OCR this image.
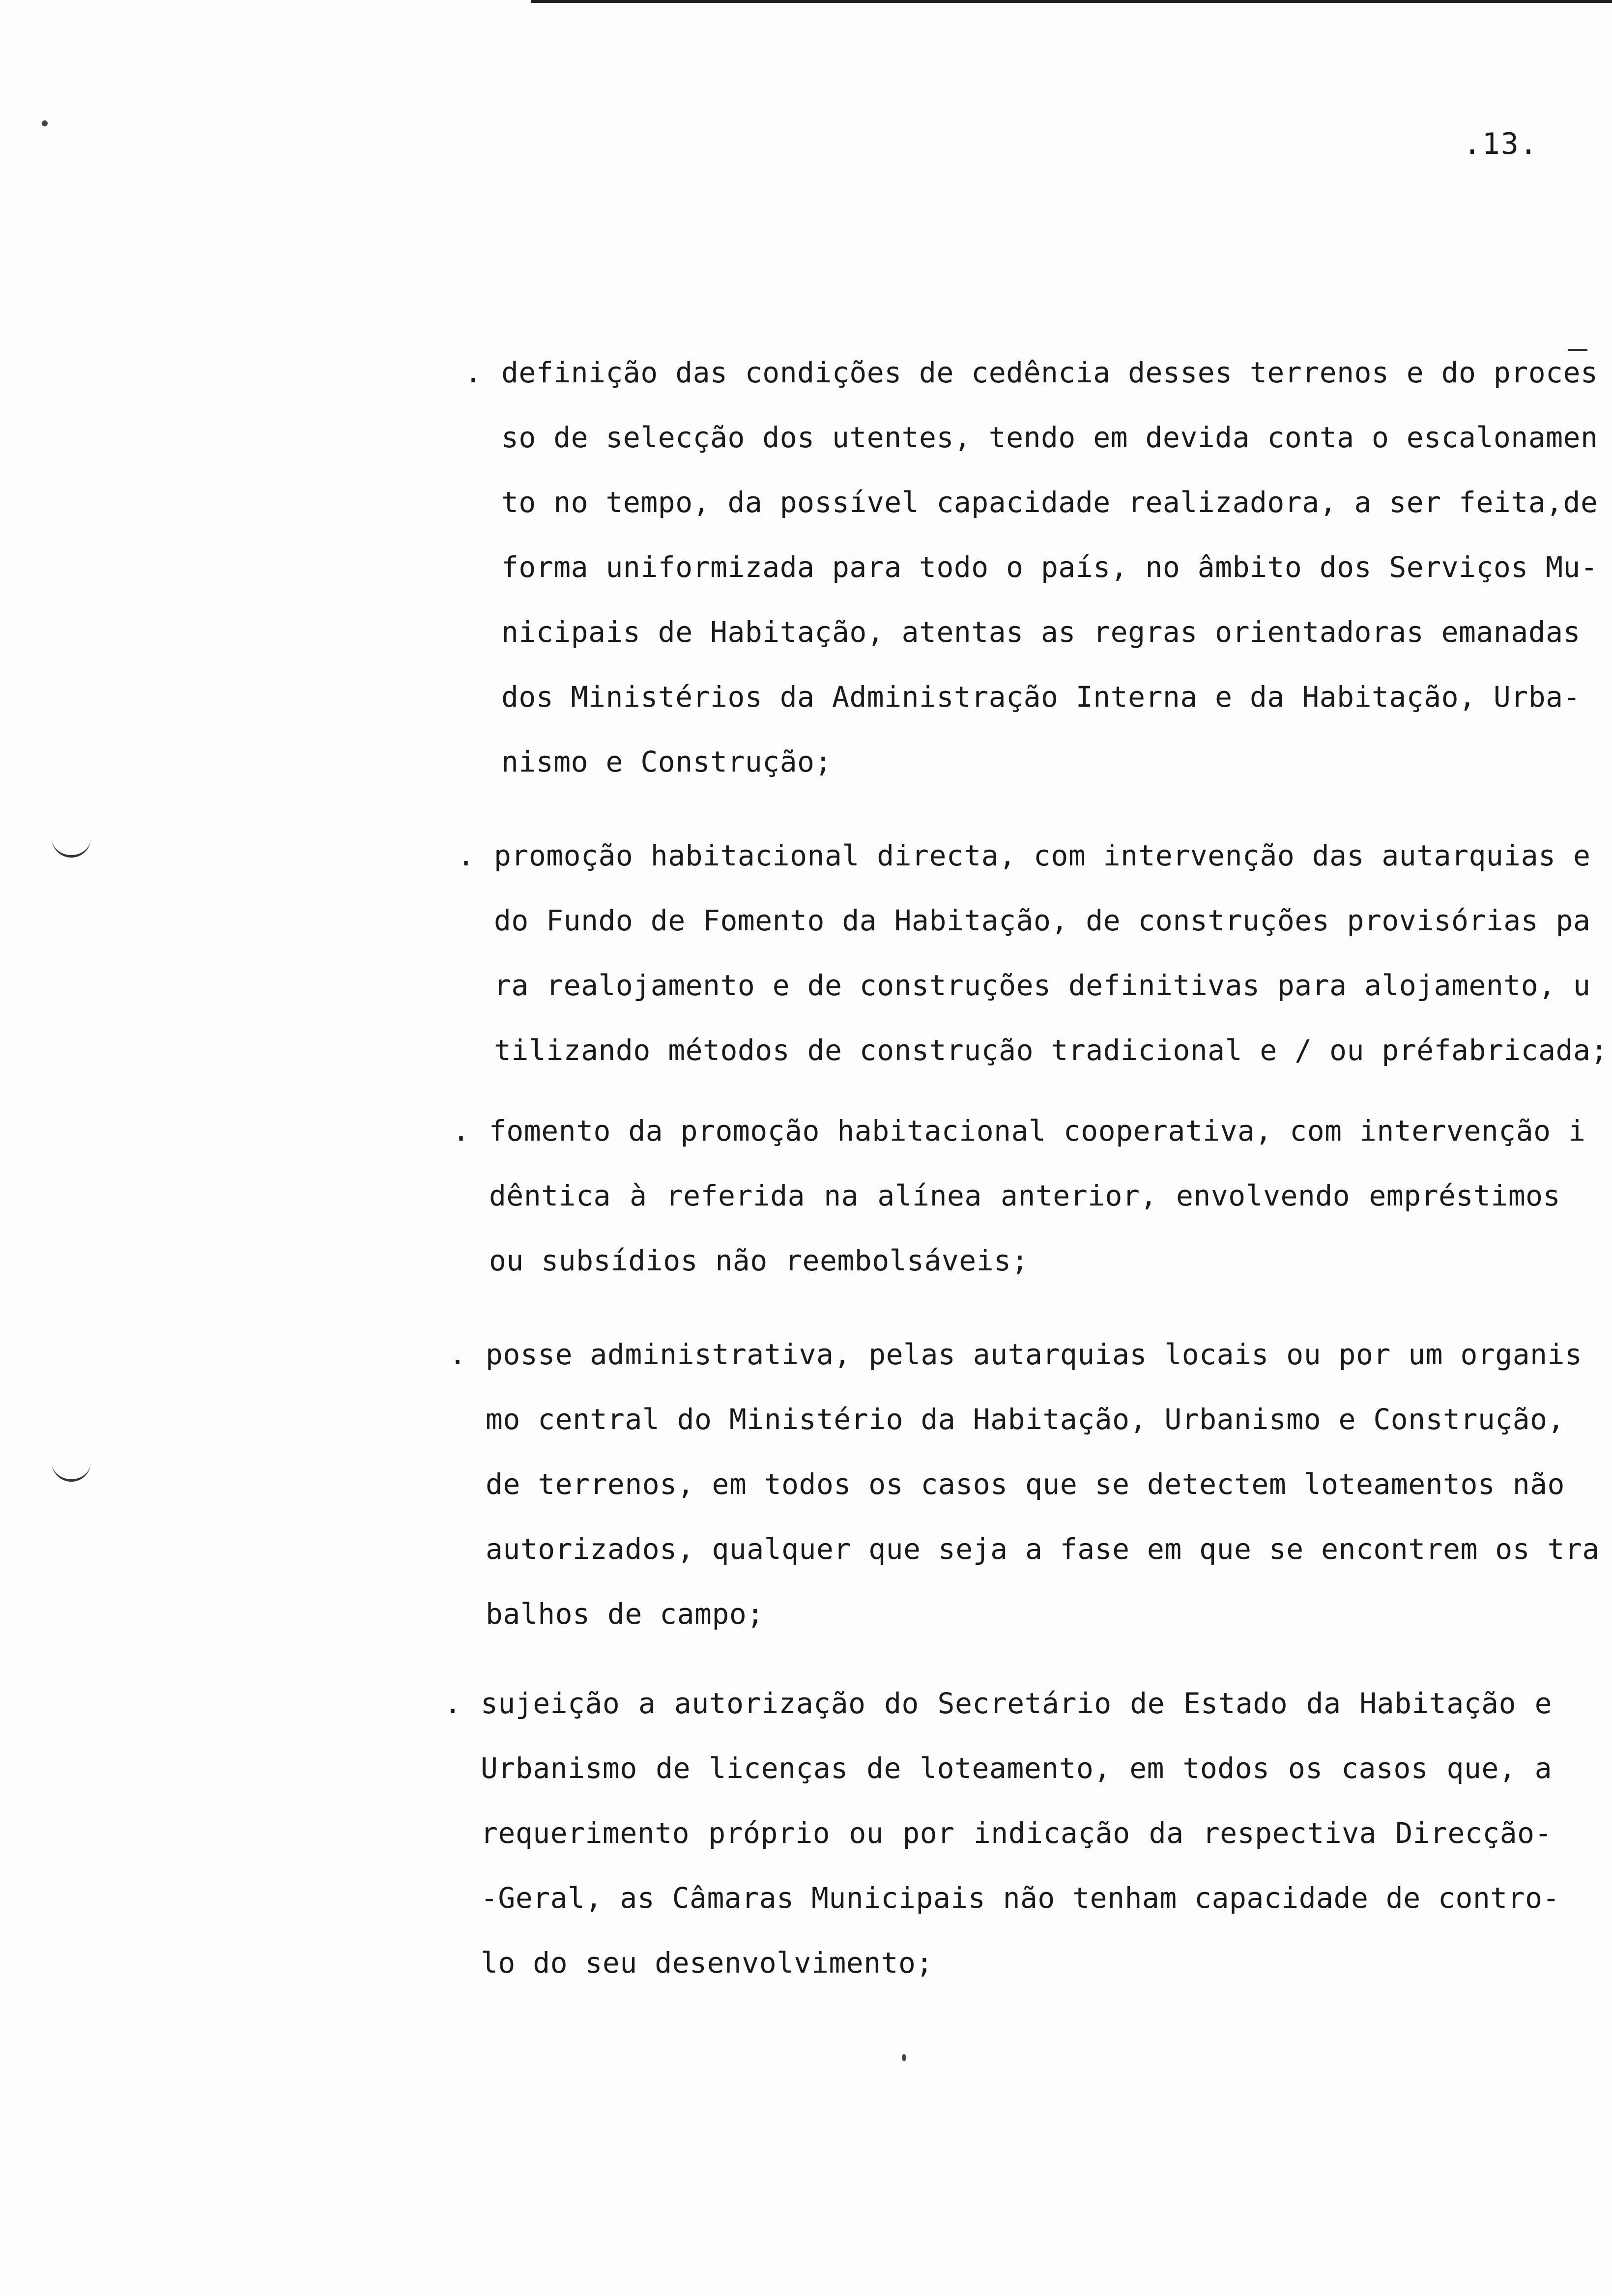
.13.
. definição das condições de cedência desses terrenos e do proces
so de selecção dos utentes, tendo em devida conta o escalonamen
to no tempo, da possível capacidade realizadora, a ser feita,de
forma uniformizada para todo o país, no âmbito dos Serviços Mu-
nicipais de Habitação, atentas as regras orientadoras emanadas
dos Ministérios da Administração Interna e da Habitação, Urba-
nismo e Construção;
. promoção habitacional directa, com intervenção das autarquias e
do Fundo de Fomento da Habitação, de construções provisórias pa
ra realojamento e de construções definitivas para alojamento, u
tilizando métodos de construção tradicional e / ou préfabricada;
. fomento da promoção habitacional cooperativa, com intervenção i
dêntica à referida na alínea anterior, envolvendo empréstimos
ou subsídios não reembolsáveis;
. posse administrativa, pelas autarquias locais ou por um organis
mo central do Ministério da Habitação, Urbanismo e Construção,
de terrenos, em todos os casos que se detectem loteamentos não
autorizados, qualquer que seja a fase em que se encontrem os tra
balhos de campo;
. sujeição a autorização do Secretário de Estado da Habitação e
Urbanismo de licenças de loteamento, em todos os casos que, a
requerimento próprio ou por indicação da respectiva Direcção-
-Geral, as Câmaras Municipais não tenham capacidade de contro-
lo do seu desenvolvimento;
